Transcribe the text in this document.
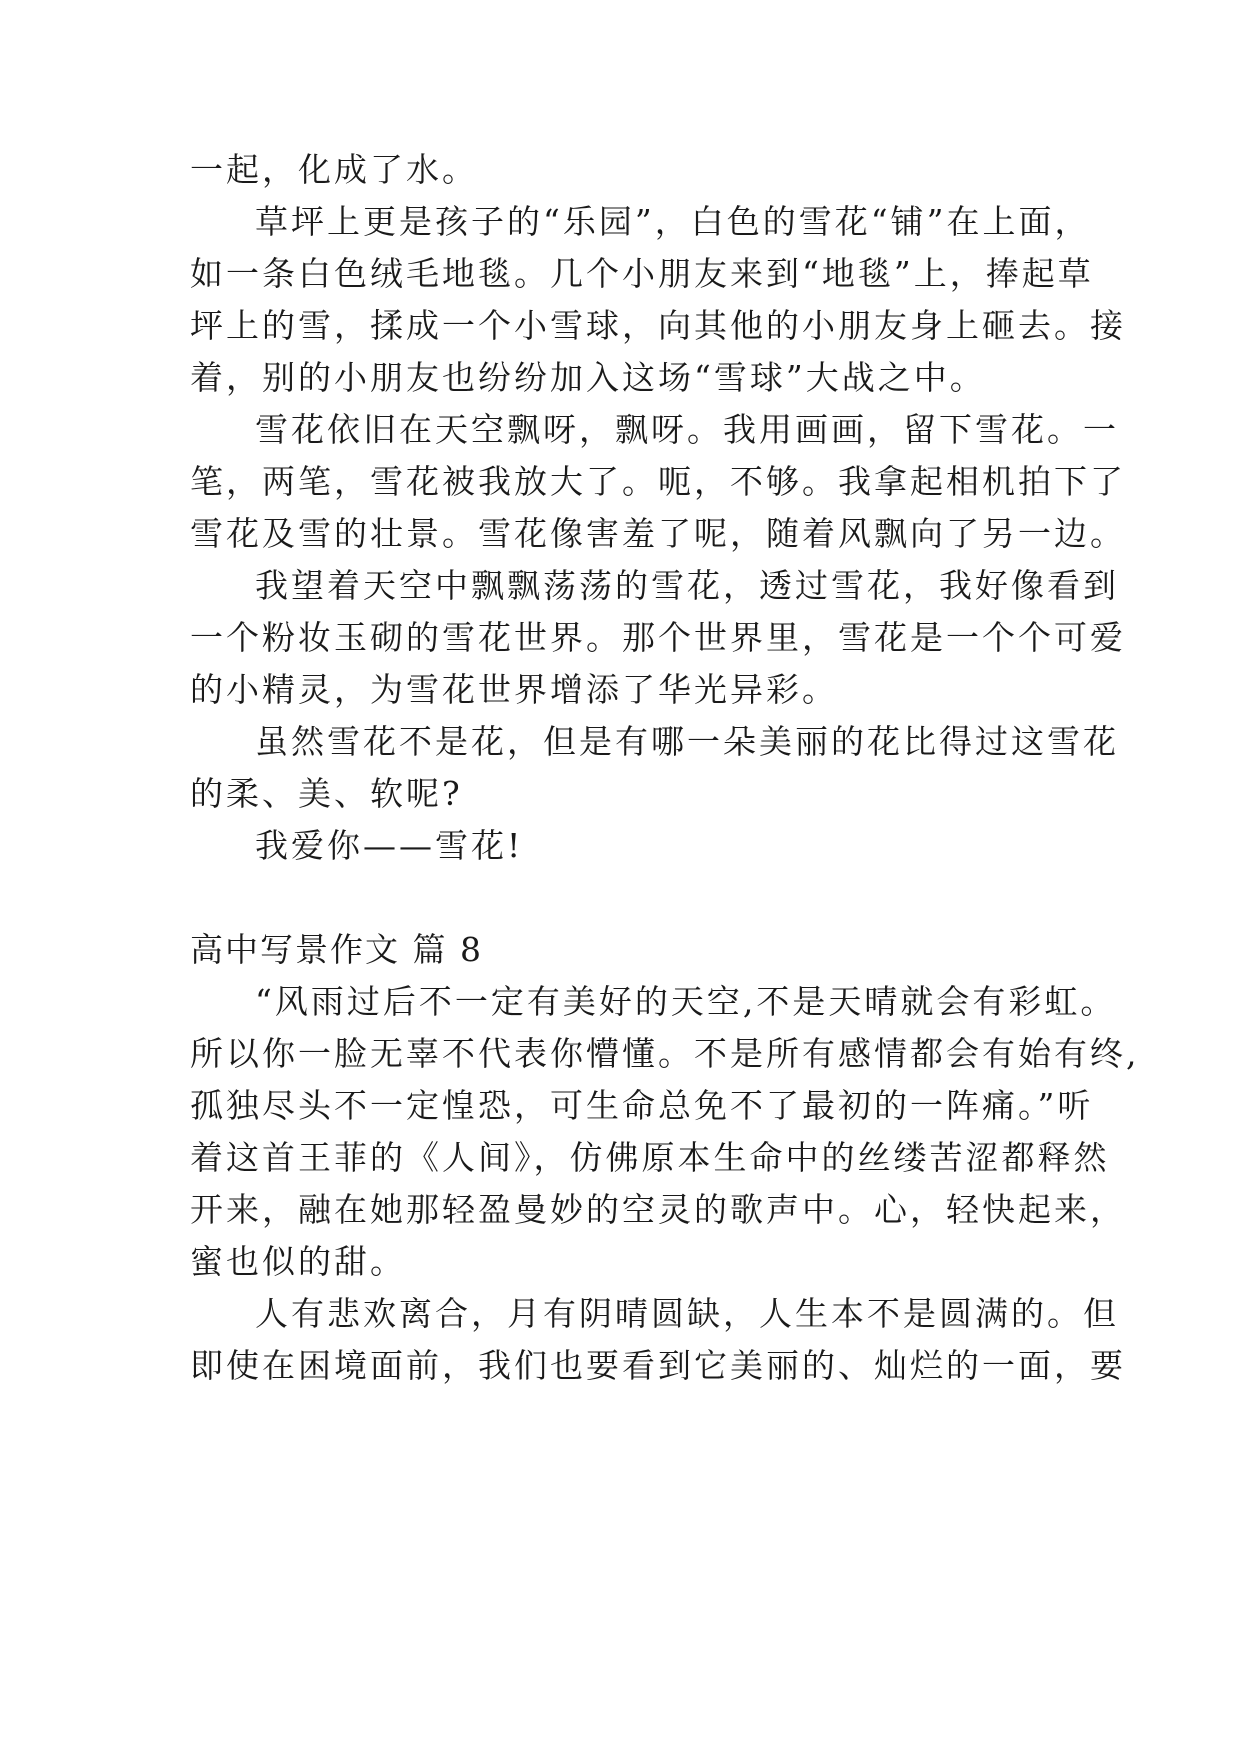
一起，化成了水。

草坪上更是孩子的“乐园”，白色的雪花“铺”在上面，

如一条白色绒毛地毯。几个小朋友来到“地毯”上，捧起草

坪上的雪，揉成一个小雪球，向其他的小朋友身上砸去。接

着，别的小朋友也纷纷加入这场“雪球”大战之中。

雪花依旧在天空飘呀，飘呀。我用画画，留下雪花。一

笔，两笔，雪花被我放大了。呃，不够。我拿起相机拍下了

雪花及雪的壮景。雪花像害羞了呢，随着风飘向了另一边。

我望着天空中飘飘荡荡的雪花，透过雪花，我好像看到

一个粉妆玉砌的雪花世界。那个世界里，雪花是一个个可爱

的小精灵，为雪花世界增添了华光异彩。

虽然雪花不是花，但是有哪一朵美丽的花比得过这雪花

的柔、美、软呢?

我爱你——雪花!

高中写景作文 篇 8

“风雨过后不一定有美好的天空,不是天晴就会有彩虹。

所以你一脸无辜不代表你懵懂。不是所有感情都会有始有终,

孤独尽头不一定惶恐，可生命总免不了最初的一阵痛。”听

着这首王菲的《人间》，仿佛原本生命中的丝缕苦涩都释然

开来，融在她那轻盈曼妙的空灵的歌声中。心，轻快起来，

蜜也似的甜。

人有悲欢离合，月有阴晴圆缺，人生本不是圆满的。但

即使在困境面前，我们也要看到它美丽的、灿烂的一面，要
